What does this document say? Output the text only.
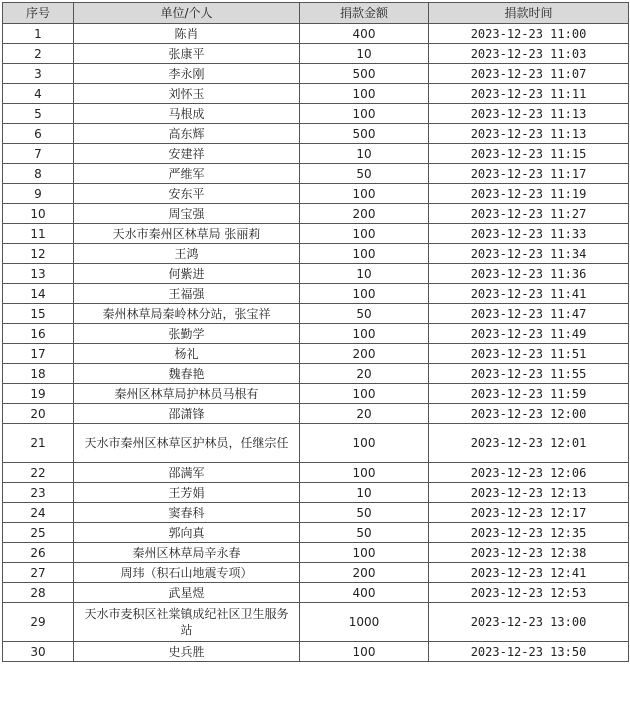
序号	单位/个人	捐款金额	捐款时间
1	陈肖	400	2023-12-23 11:00
2	张康平	10	2023-12-23 11:03
3	李永刚	500	2023-12-23 11:07
4	刘怀玉	100	2023-12-23 11:11
5	马根成	100	2023-12-23 11:13
6	高东辉	500	2023-12-23 11:13
7	安建祥	10	2023-12-23 11:15
8	严维军	50	2023-12-23 11:17
9	安东平	100	2023-12-23 11:19
10	周宝强	200	2023-12-23 11:27
11	天水市秦州区林草局 张丽莉	100	2023-12-23 11:33
12	王鸿	100	2023-12-23 11:34
13	何紫进	10	2023-12-23 11:36
14	王福强	100	2023-12-23 11:41
15	秦州林草局秦岭林分站，张宝祥	50	2023-12-23 11:47
16	张勤学	100	2023-12-23 11:49
17	杨礼	200	2023-12-23 11:51
18	魏春艳	20	2023-12-23 11:55
19	秦州区林草局护林员马根有	100	2023-12-23 11:59
20	邵潇锋	20	2023-12-23 12:00
21	天水市秦州区林草区护林员，任继宗任	100	2023-12-23 12:01
22	邵满军	100	2023-12-23 12:06
23	王芳娟	10	2023-12-23 12:13
24	窦春科	50	2023-12-23 12:17
25	郭向真	50	2023-12-23 12:35
26	秦州区林草局辛永春	100	2023-12-23 12:38
27	周玮（积石山地震专项）	200	2023-12-23 12:41
28	武星煜	400	2023-12-23 12:53
29	天水市麦积区社棠镇成纪社区卫生服务站	1000	2023-12-23 13:00
30	史兵胜	100	2023-12-23 13:50
